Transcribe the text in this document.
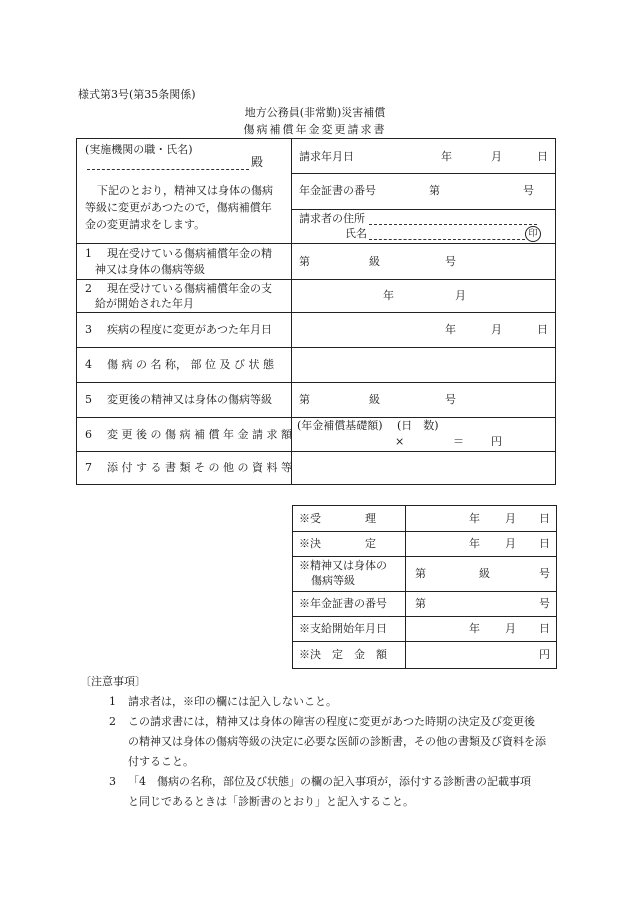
様式第3号(第35条関係)
地方公務員(非常勤)災害補償
傷病補償年金変更請求書
(実施機関の職・氏名)
殿
下記のとおり，精神又は身体の傷病
等級に変更があつたので，傷病補償年
金の変更請求をします。
請求年月日	年	月	日
年金証書の番号	第	号
請求者の住所
氏名	印
1 現在受けている傷病補償年金の精
神又は身体の傷病等級
第	級	号
2 現在受けている傷病補償年金の支
給が開始された年月
年	月
3 疾病の程度に変更があつた年月日	年	月	日
4 傷 病 の 名 称， 部 位 及 び 状 態
5 変更後の精神又は身体の傷病等級 第	級	号
6 変 更 後 の 傷 病 補 償 年 金 請 求 額
(年金補償基礎額) (日　数)
×	＝ 円
7 添 付 す る 書 類 そ の 他 の 資 料 等
※受　　　　理	年 月 日
※決　　　　定	年 月 日
※精神又は身体の
傷病等級
第	級	号
※年金証書の番号	第	号
※支給開始年月日	年 月 日
※決　定　金　額	円
〔注意事項〕
1	請求者は，※印の欄には記入しないこと。
2	この請求書には，精神又は身体の障害の程度に変更があつた時期の決定及び変更後
の精神又は身体の傷病等級の決定に必要な医師の診断書，その他の書類及び資料を添
付すること。
3	「4　傷病の名称，部位及び状態」の欄の記入事項が，添付する診断書の記載事項
と同じであるときは「診断書のとおり」と記入すること。
